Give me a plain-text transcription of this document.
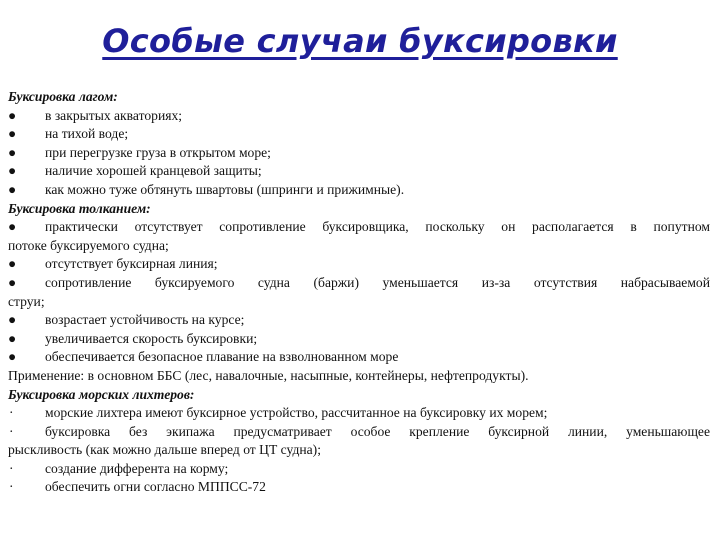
Особые случаи буксировки
Буксировка лагом:
● в закрытых акваториях;
● на тихой воде;
● при перегрузке груза в открытом море;
● наличие хорошей кранцевой защиты;
● как можно туже обтянуть швартовы (шпринги и прижимные).
Буксировка толканием:
● практически отсутствует сопротивление буксировщика, поскольку он располагается в попутном
потоке буксируемого судна;
● отсутствует буксирная линия;
● сопротивление буксируемого судна (баржи) уменьшается из-за отсутствия набрасываемой
струи;
● возрастает устойчивость на курсе;
● увеличивается скорость буксировки;
● обеспечивается безопасное плавание на взволнованном море
Применение: в основном ББС (лес, навалочные, насыпные, контейнеры, нефтепродукты).
Буксировка морских лихтеров:
·	морские лихтера имеют буксирное устройство, рассчитанное на буксировку их морем;
·	буксировка без экипажа предусматривает особое крепление буксирной линии, уменьшающее
рыскливость (как можно дальше вперед от ЦТ судна);
·	создание дифферента на корму;
·	обеспечить огни согласно МППСС-72
